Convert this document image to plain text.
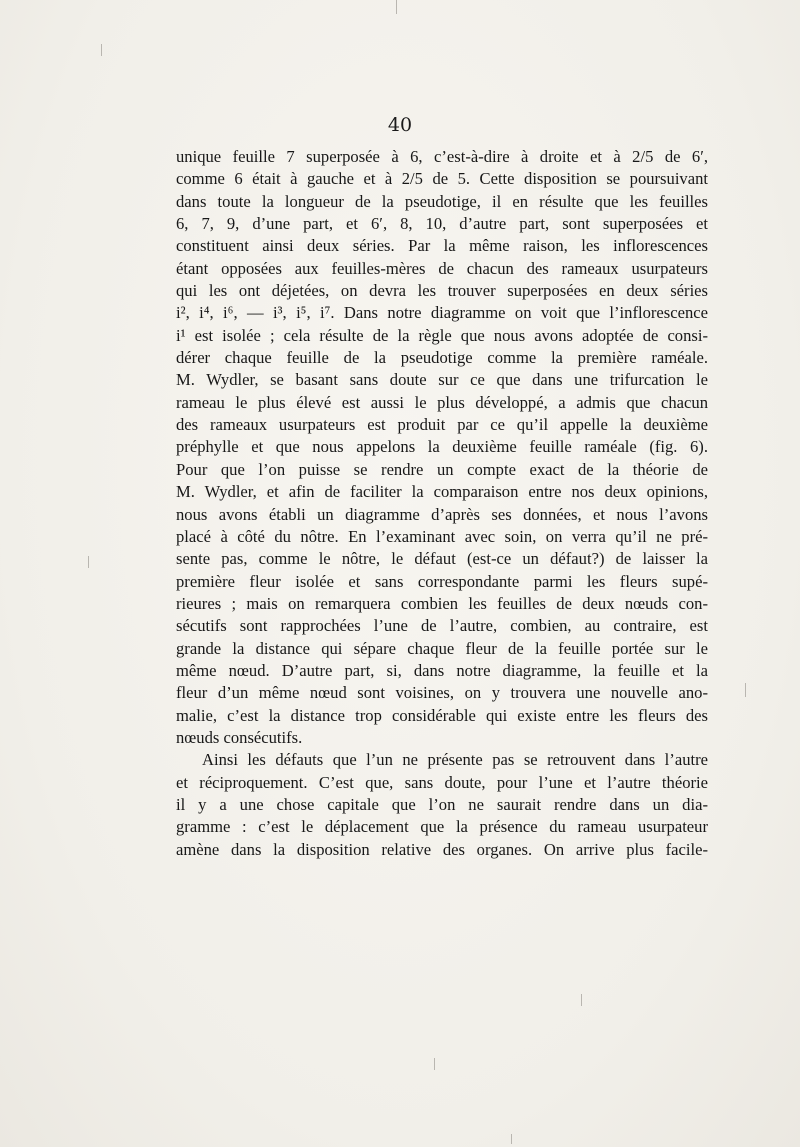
40
unique feuille 7 superposée à 6, c’est-à-dire à droite et à 2/5 de 6′,
comme 6 était à gauche et à 2/5 de 5. Cette disposition se poursuivant
dans toute la longueur de la pseudotige, il en résulte que les feuilles
6, 7, 9, d’une part, et 6′, 8, 10, d’autre part, sont superposées et
constituent ainsi deux séries. Par la même raison, les inflorescences
étant opposées aux feuilles-mères de chacun des rameaux usurpateurs
qui les ont déjetées, on devra les trouver superposées en deux séries
i², i⁴, i⁶, — i³, i⁵, i⁷. Dans notre diagramme on voit que l’inflorescence
i¹ est isolée ; cela résulte de la règle que nous avons adoptée de consi-
dérer chaque feuille de la pseudotige comme la première raméale.
M. Wydler, se basant sans doute sur ce que dans une trifurcation le
rameau le plus élevé est aussi le plus développé, a admis que chacun
des rameaux usurpateurs est produit par ce qu’il appelle la deuxième
préphylle et que nous appelons la deuxième feuille raméale (fig. 6).
Pour que l’on puisse se rendre un compte exact de la théorie de
M. Wydler, et afin de faciliter la comparaison entre nos deux opinions,
nous avons établi un diagramme d’après ses données, et nous l’avons
placé à côté du nôtre. En l’examinant avec soin, on verra qu’il ne pré-
sente pas, comme le nôtre, le défaut (est-ce un défaut?) de laisser la
première fleur isolée et sans correspondante parmi les fleurs supé-
rieures ; mais on remarquera combien les feuilles de deux nœuds con-
sécutifs sont rapprochées l’une de l’autre, combien, au contraire, est
grande la distance qui sépare chaque fleur de la feuille portée sur le
même nœud. D’autre part, si, dans notre diagramme, la feuille et la
fleur d’un même nœud sont voisines, on y trouvera une nouvelle ano-
malie, c’est la distance trop considérable qui existe entre les fleurs des
nœuds consécutifs.
Ainsi les défauts que l’un ne présente pas se retrouvent dans l’autre
et réciproquement. C’est que, sans doute, pour l’une et l’autre théorie
il y a une chose capitale que l’on ne saurait rendre dans un dia-
gramme : c’est le déplacement que la présence du rameau usurpateur
amène dans la disposition relative des organes. On arrive plus facile-
